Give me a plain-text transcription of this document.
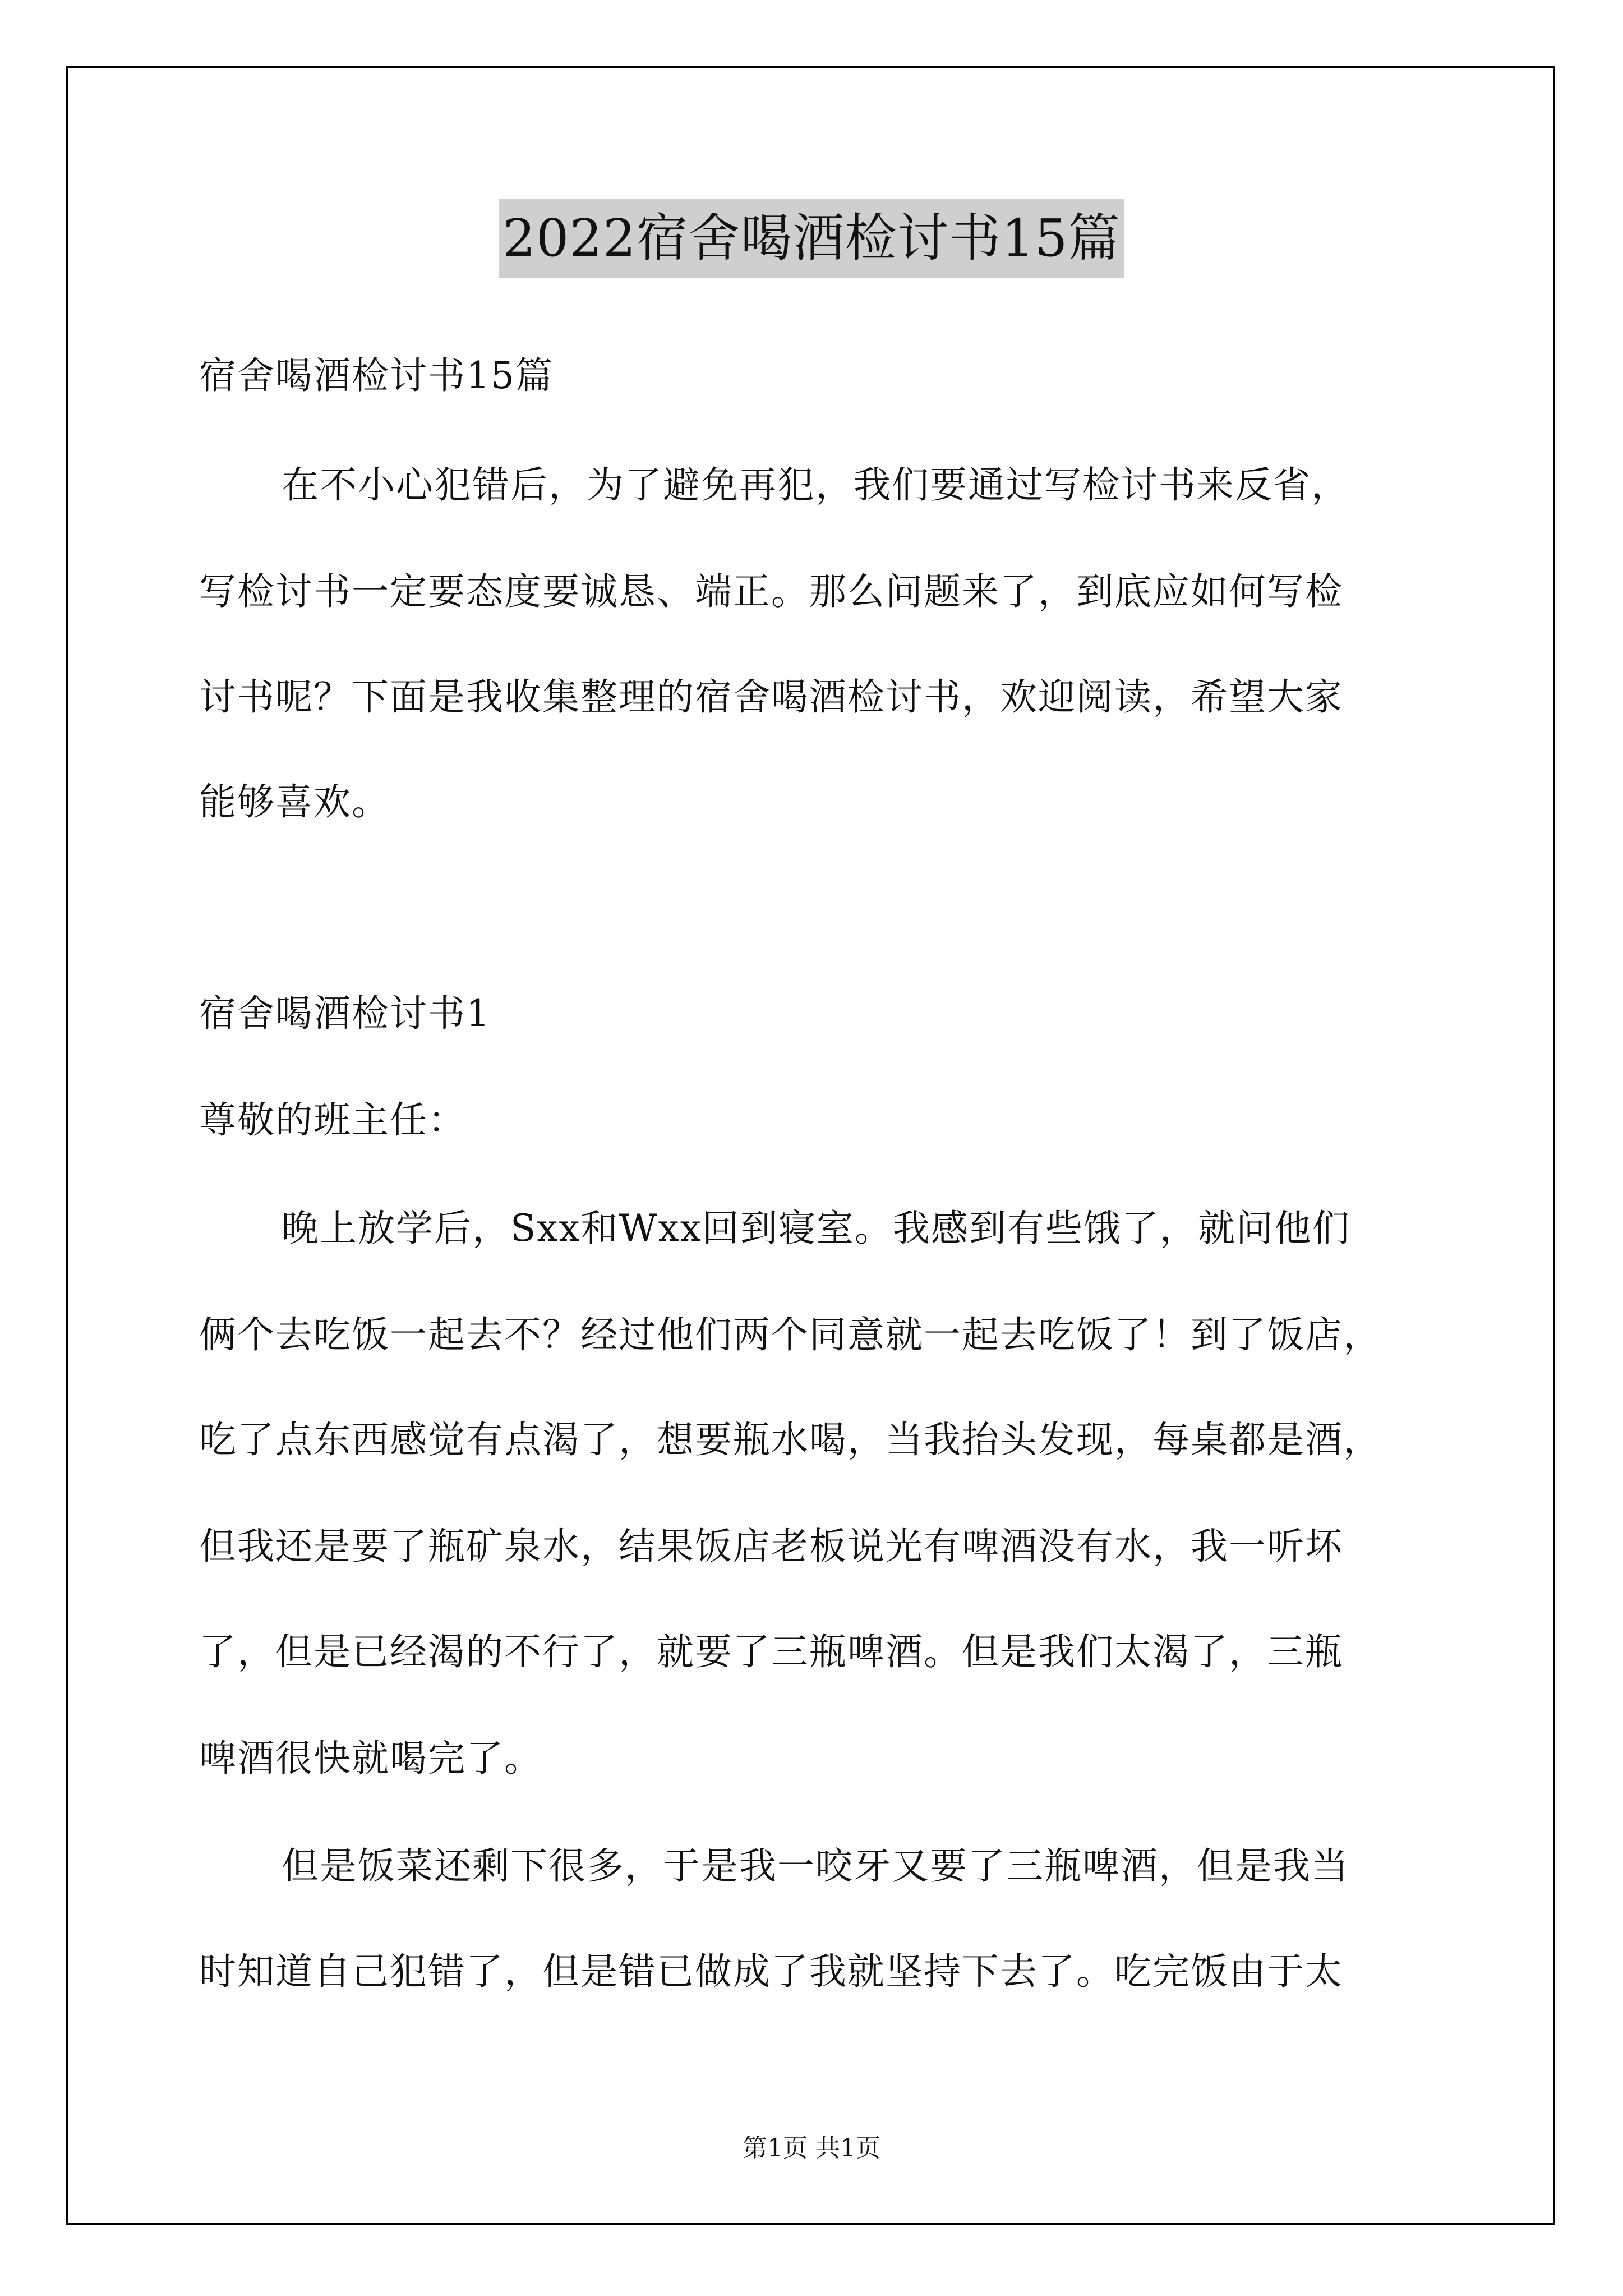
2022宿舍喝酒检讨书15篇
宿舍喝酒检讨书15篇
在不小心犯错后，为了避免再犯，我们要通过写检讨书来反省，
写检讨书一定要态度要诚恳、端正。那么问题来了，到底应如何写检
讨书呢？下面是我收集整理的宿舍喝酒检讨书，欢迎阅读，希望大家
能够喜欢。
宿舍喝酒检讨书1
尊敬的班主任：
晚上放学后，Sxx和Wxx回到寝室。我感到有些饿了，就问他们
俩个去吃饭一起去不？经过他们两个同意就一起去吃饭了！到了饭店，
吃了点东西感觉有点渴了，想要瓶水喝，当我抬头发现，每桌都是酒，
但我还是要了瓶矿泉水，结果饭店老板说光有啤酒没有水，我一听坏
了，但是已经渴的不行了，就要了三瓶啤酒。但是我们太渴了，三瓶
啤酒很快就喝完了。
但是饭菜还剩下很多，于是我一咬牙又要了三瓶啤酒，但是我当
时知道自己犯错了，但是错已做成了我就坚持下去了。吃完饭由于太
第1页 共1页
